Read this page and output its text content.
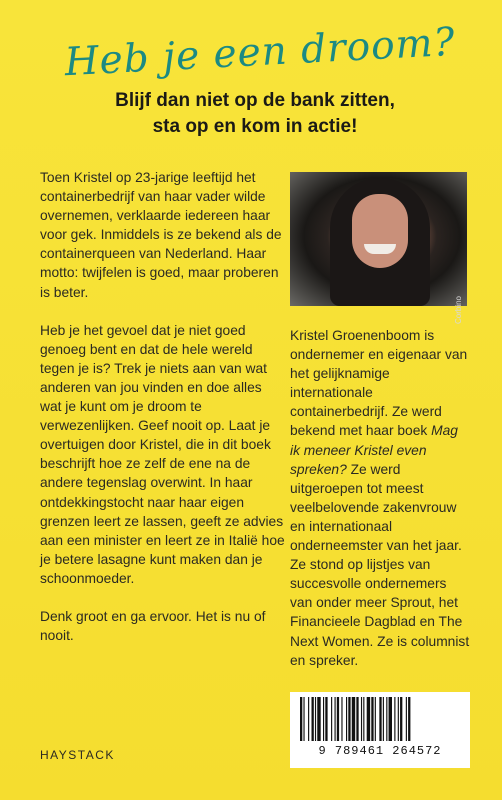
Heb je een droom?
Blijf dan niet op de bank zitten,
sta op en kom in actie!

Toen Kristel op 23-jarige leeftijd het containerbedrijf van haar vader wilde overnemen, verklaarde iedereen haar voor gek. Inmiddels is ze bekend als de containerqueen van Nederland. Haar motto: twijfelen is goed, maar proberen is beter.

Heb je het gevoel dat je niet goed genoeg bent en dat de hele wereld tegen je is? Trek je niets aan van wat anderen van jou vinden en doe alles wat je kunt om je droom te verwezenlijken. Geef nooit op. Laat je overtuigen door Kristel, die in dit boek beschrijft hoe ze zelf de ene na de andere tegenslag overwint. In haar ontdekkingstocht naar haar eigen grenzen leert ze lassen, geeft ze advies aan een minister en leert ze in Italië hoe je betere lasagne kunt maken dan je schoonmoeder.

Denk groot en ga ervoor. Het is nu of nooit.

Corbino
Kristel Groenenboom is ondernemer en eigenaar van het gelijknamige internationale containerbedrijf. Ze werd bekend met haar boek Mag ik meneer Kristel even spreken? Ze werd uitgeroepen tot meest veelbelovende zakenvrouw en internationaal onderneemster van het jaar. Ze stond op lijstjes van succesvolle ondernemers van onder meer Sprout, het Financieele Dagblad en The Next Women. Ze is columnist en spreker.
HAYSTACK	9 789461 264572
